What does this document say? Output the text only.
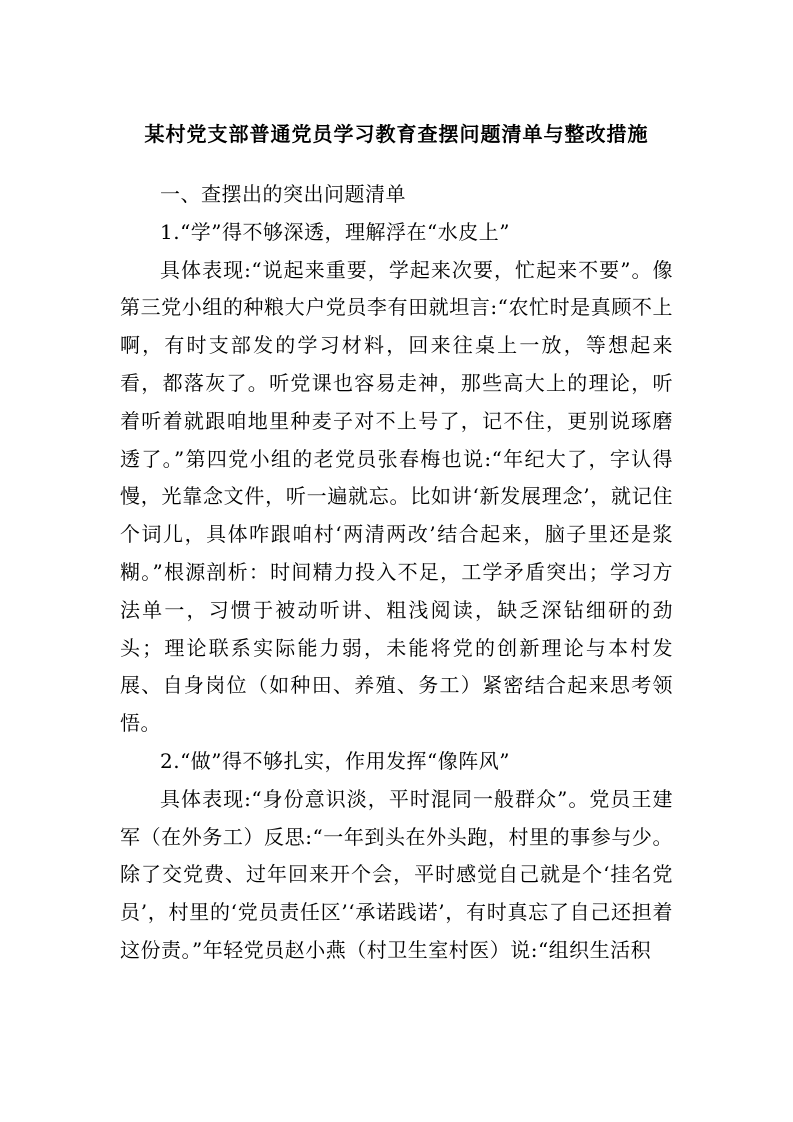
某村党支部普通党员学习教育查摆问题清单与整改措施

一、查摆出的突出问题清单

1.“学”得不够深透，理解浮在“水皮上”

具体表现:“说起来重要，学起来次要，忙起来不要”。像第三党小组的种粮大户党员李有田就坦言:“农忙时是真顾不上啊，有时支部发的学习材料，回来往桌上一放，等想起来看，都落灰了。听党课也容易走神，那些高大上的理论，听着听着就跟咱地里种麦子对不上号了，记不住，更别说琢磨透了。”第四党小组的老党员张春梅也说:“年纪大了，字认得慢，光靠念文件，听一遍就忘。比如讲‘新发展理念’，就记住个词儿，具体咋跟咱村‘两清两改’结合起来，脑子里还是浆糊。”根源剖析：时间精力投入不足，工学矛盾突出；学习方法单一，习惯于被动听讲、粗浅阅读，缺乏深钻细研的劲头；理论联系实际能力弱，未能将党的创新理论与本村发展、自身岗位（如种田、养殖、务工）紧密结合起来思考领悟。

2.“做”得不够扎实，作用发挥“像阵风”

具体表现:“身份意识淡，平时混同一般群众”。党员王建军（在外务工）反思:“一年到头在外头跑，村里的事参与少。除了交党费、过年回来开个会，平时感觉自己就是个‘挂名党员’，村里的‘党员责任区’‘承诺践诺’，有时真忘了自己还担着这份责。”年轻党员赵小燕（村卫生室村医）说:“组织生活积
